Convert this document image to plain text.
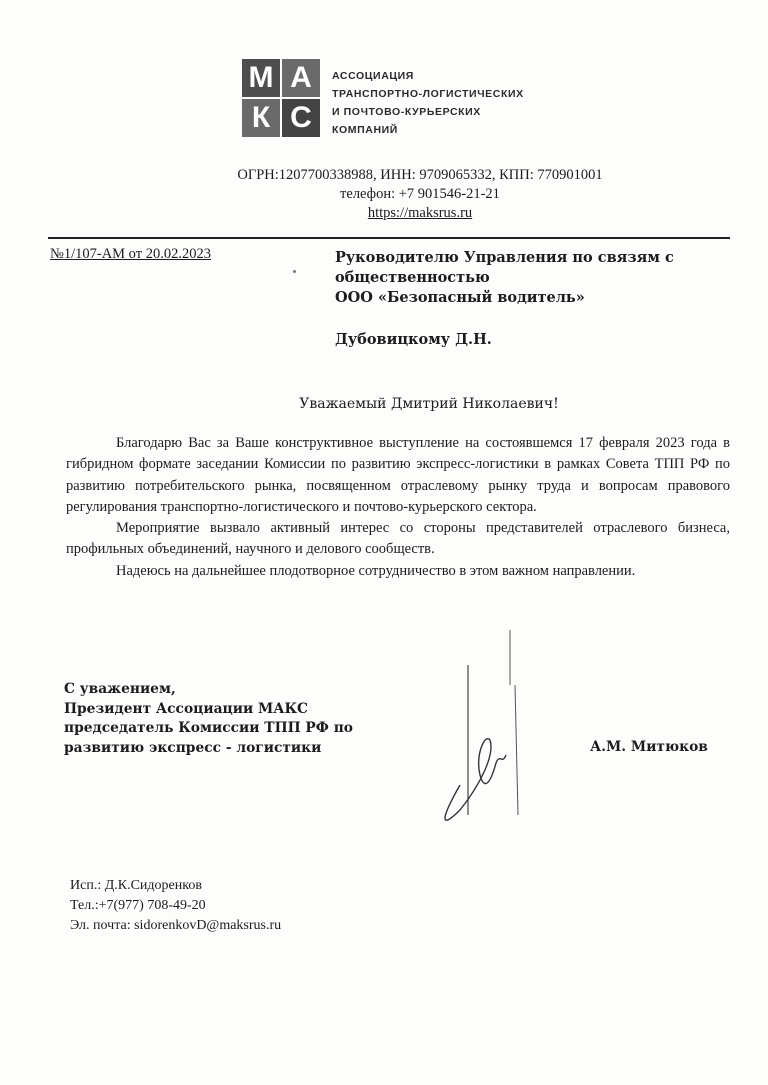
М А
К С
АССОЦИАЦИЯ
ТРАНСПОРТНО-ЛОГИСТИЧЕСКИХ
И ПОЧТОВО-КУРЬЕРСКИХ
КОМПАНИЙ
ОГРН:1207700338988, ИНН: 9709065332, КПП: 770901001
телефон: +7 901546-21-21
https://maksrus.ru
№1/107-АМ от 20.02.2023	Руководителю Управления по связям с
общественностью
ООО «Безопасный водитель»
Дубовицкому Д.Н.
Уважаемый Дмитрий Николаевич!

Благодарю Вас за Ваше конструктивное выступление на состоявшемся 17 февраля 2023 года в гибридном формате заседании Комиссии по развитию экспресс-логистики в рамках Совета ТПП РФ по развитию потребительского рынка, посвященном отраслевому рынку труда и вопросам правового регулирования транспортно-логистического и почтово-курьерского сектора.

Мероприятие вызвало активный интерес со стороны представителей отраслевого бизнеса, профильных объединений, научного и делового сообществ.

Надеюсь на дальнейшее плодотворное сотрудничество в этом важном направлении.

С уважением,
Президент Ассоциации МАКС
председатель Комиссии ТПП РФ по
развитию экспресс - логистики	А.М. Митюков
Исп.: Д.К.Сидоренков
Тел.:+7(977) 708-49-20
Эл. почта: sidorenkovD@maksrus.ru
